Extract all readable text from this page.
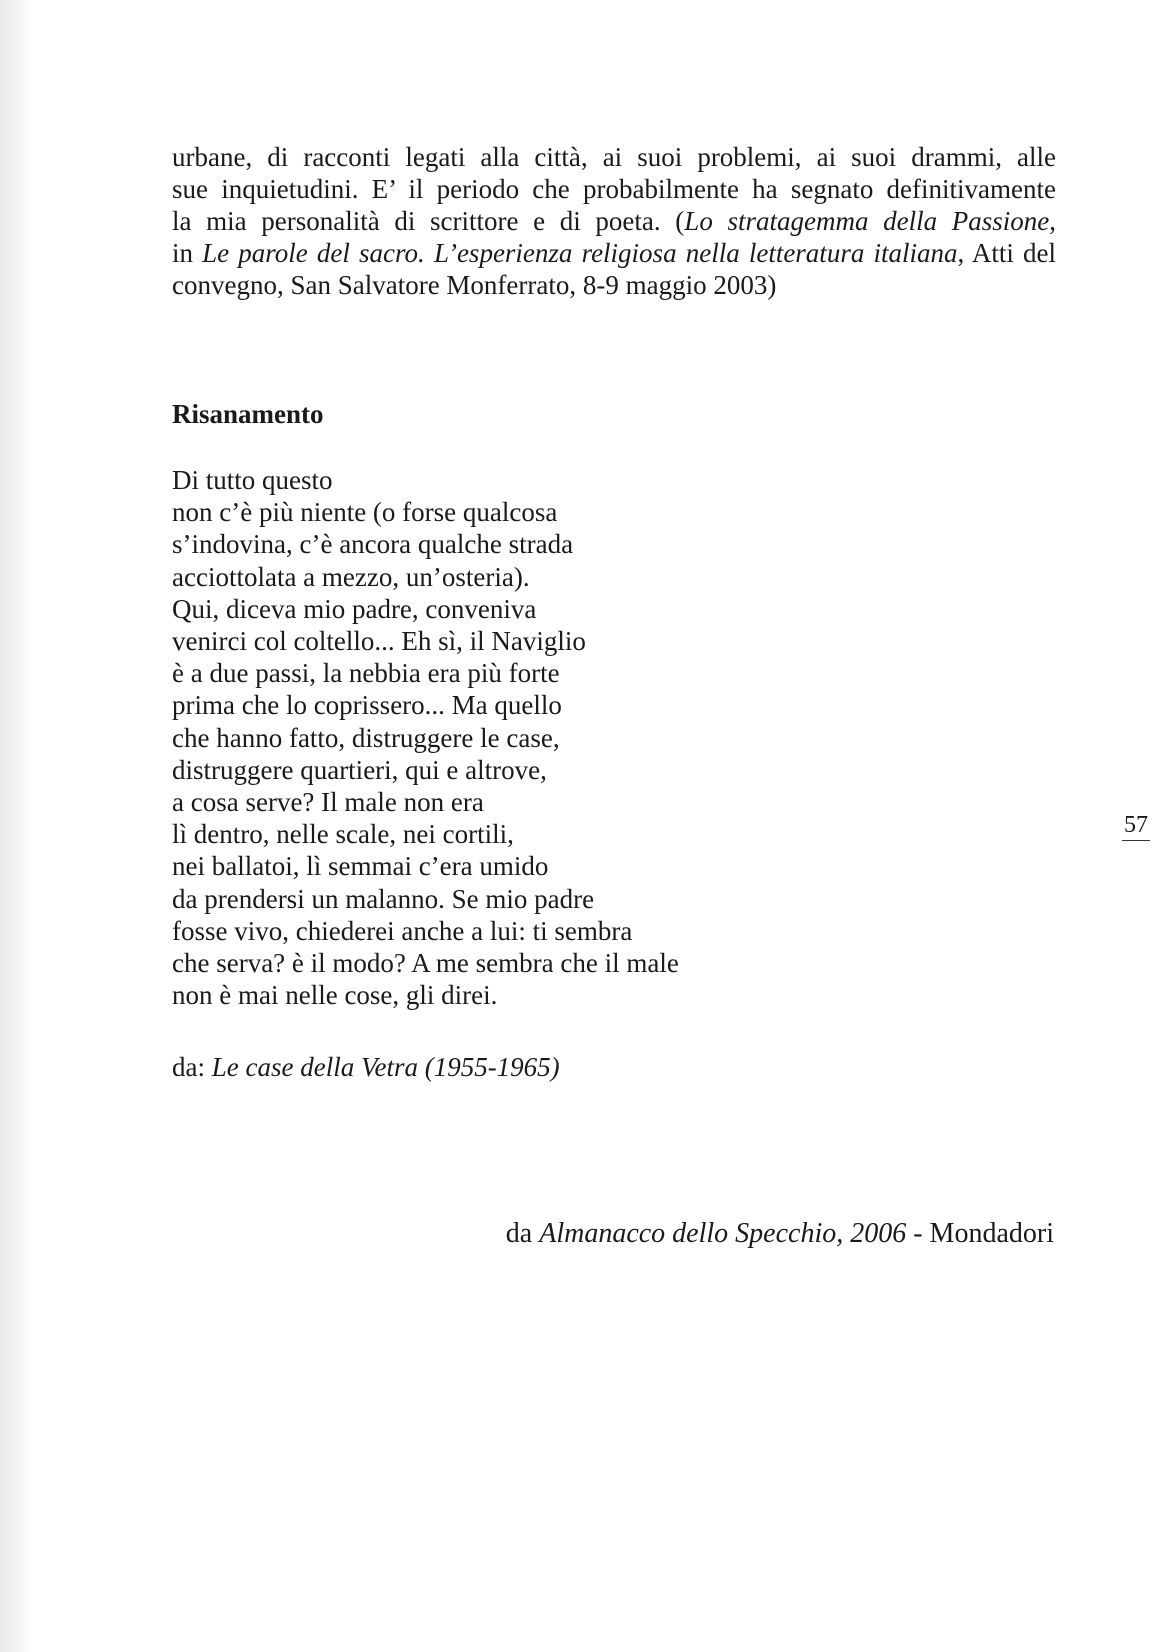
urbane, di racconti legati alla città, ai suoi problemi, ai suoi drammi, alle
sue inquietudini. E’ il periodo che probabilmente ha segnato definitivamente
la mia personalità di scrittore e di poeta. (Lo stratagemma della Passione,
in Le parole del sacro. L’esperienza religiosa nella letteratura italiana, Atti del
convegno, San Salvatore Monferrato, 8-9 maggio 2003)
Risanamento
Di tutto questo
non c’è più niente (o forse qualcosa
s’indovina, c’è ancora qualche strada
acciottolata a mezzo, un’osteria).
Qui, diceva mio padre, conveniva
venirci col coltello... Eh sì, il Naviglio
è a due passi, la nebbia era più forte
prima che lo coprissero... Ma quello
che hanno fatto, distruggere le case,
distruggere quartieri, qui e altrove,
a cosa serve? Il male non era
lì dentro, nelle scale, nei cortili,
nei ballatoi, lì semmai c’era umido
da prendersi un malanno. Se mio padre
fosse vivo, chiederei anche a lui: ti sembra
che serva? è il modo? A me sembra che il male
non è mai nelle cose, gli direi.
da: Le case della Vetra (1955-1965)
da Almanacco dello Specchio, 2006 - Mondadori
57
